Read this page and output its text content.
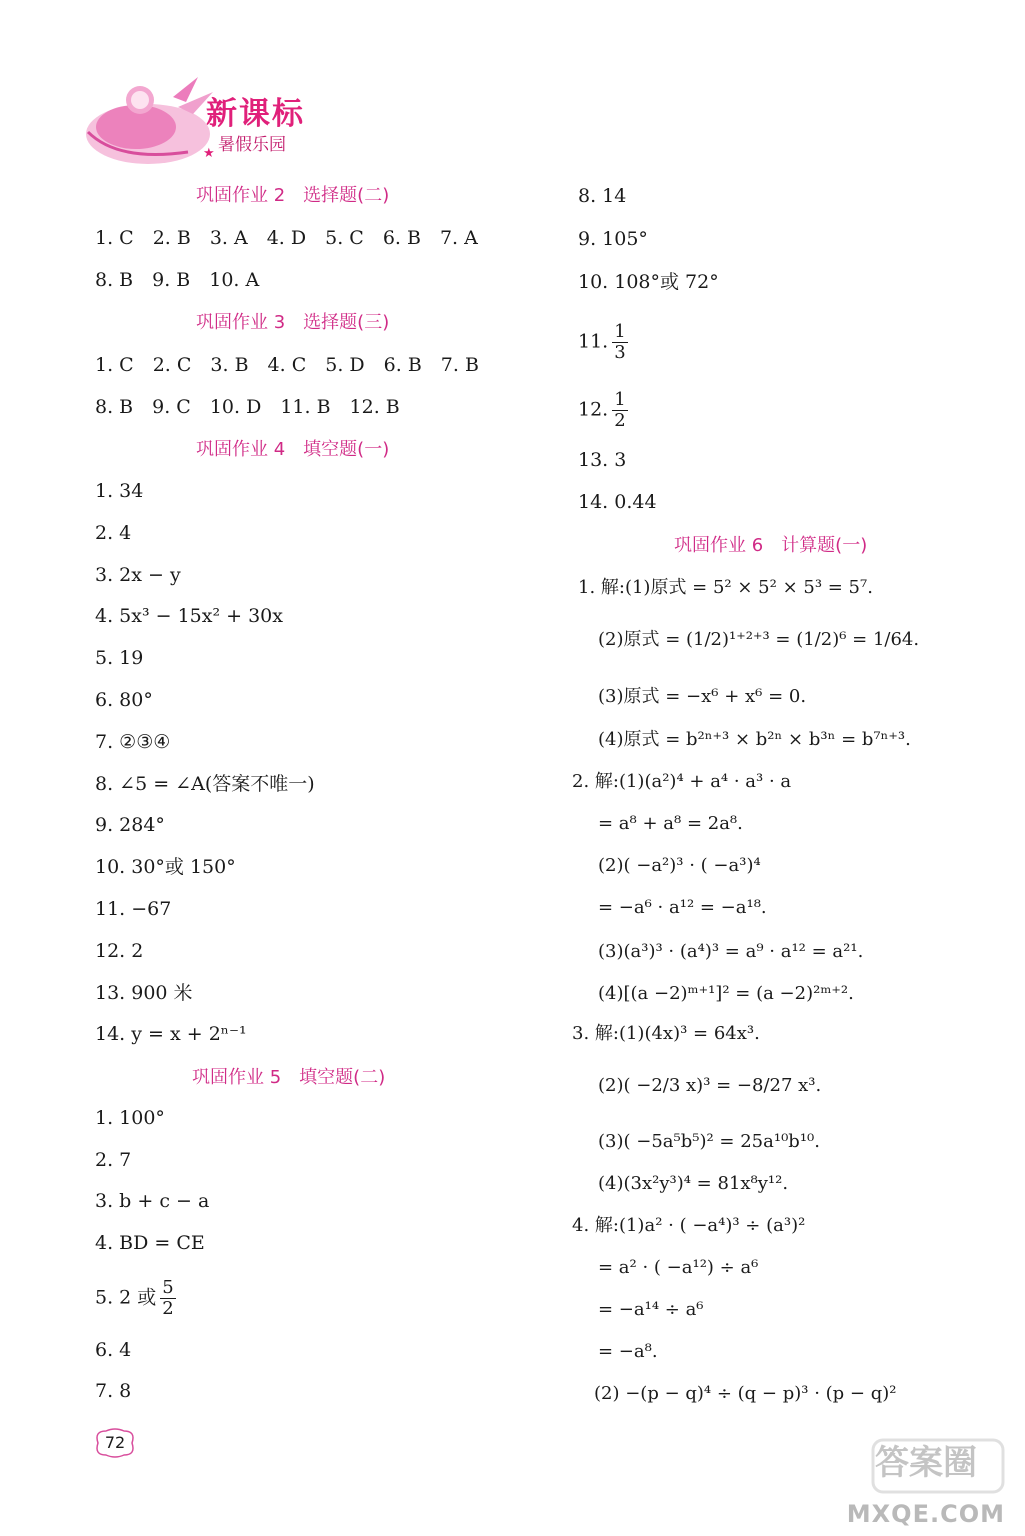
新课标
★ 暑假乐园
巩固作业 2　选择题(二)
1. C　2. B　3. A　4. D　5. C　6. B　7. A
8. B　9. B　10. A
巩固作业 3　选择题(三)
1. C　2. C　3. B　4. C　5. D　6. B　7. B
8. B　9. C　10. D　11. B　12. B
巩固作业 4　填空题(一)
1. 34
2. 4
3. 2x − y
4. 5x³ − 15x² + 30x
5. 19
6. 80°
7. ②③④
8. ∠5 = ∠A(答案不唯一)
9. 284°
10. 30°或 150°
11. −67
12. 2
13. 900 米
14. y = x + 2ⁿ⁻¹
巩固作业 5　填空题(二)
1. 100°
2. 7
3. b + c − a
4. BD = CE
5. 2 或 $\frac{5}{2}$
6. 4
7. 8
8. 14
9. 105°
10. 108°或 72°
11. $\frac{1}{3}$
12. $\frac{1}{2}$
13. 3
14. 0.44
巩固作业 6　计算题(一)
1. 解:(1)原式 = 5² × 5² × 5³ = 5⁷.
(2)原式 = (1/2)¹⁺²⁺³ = (1/2)⁶ = 1/64.
(3)原式 = −x⁶ + x⁶ = 0.
(4)原式 = b²ⁿ⁺³ × b²ⁿ × b³ⁿ = b⁷ⁿ⁺³.
2. 解:(1)(a²)⁴ + a⁴ · a³ · a
= a⁸ + a⁸ = 2a⁸.
(2)( −a²)³ · ( −a³)⁴
= −a⁶ · a¹² = −a¹⁸.
(3)(a³)³ · (a⁴)³ = a⁹ · a¹² = a²¹.
(4)[(a −2)ᵐ⁺¹]² = (a −2)²ᵐ⁺².
3. 解:(1)(4x)³ = 64x³.
(2)( −2/3 x)³ = −8/27 x³.
(3)( −5a⁵b⁵)² = 25a¹⁰b¹⁰.
(4)(3x²y³)⁴ = 81x⁸y¹².
4. 解:(1)a² · ( −a⁴)³ ÷ (a³)²
= a² · ( −a¹²) ÷ a⁶
= −a¹⁴ ÷ a⁶
= −a⁸.
(2) −(p − q)⁴ ÷ (q − p)³ · (p − q)²
72
答案圈
MXQE.COM
